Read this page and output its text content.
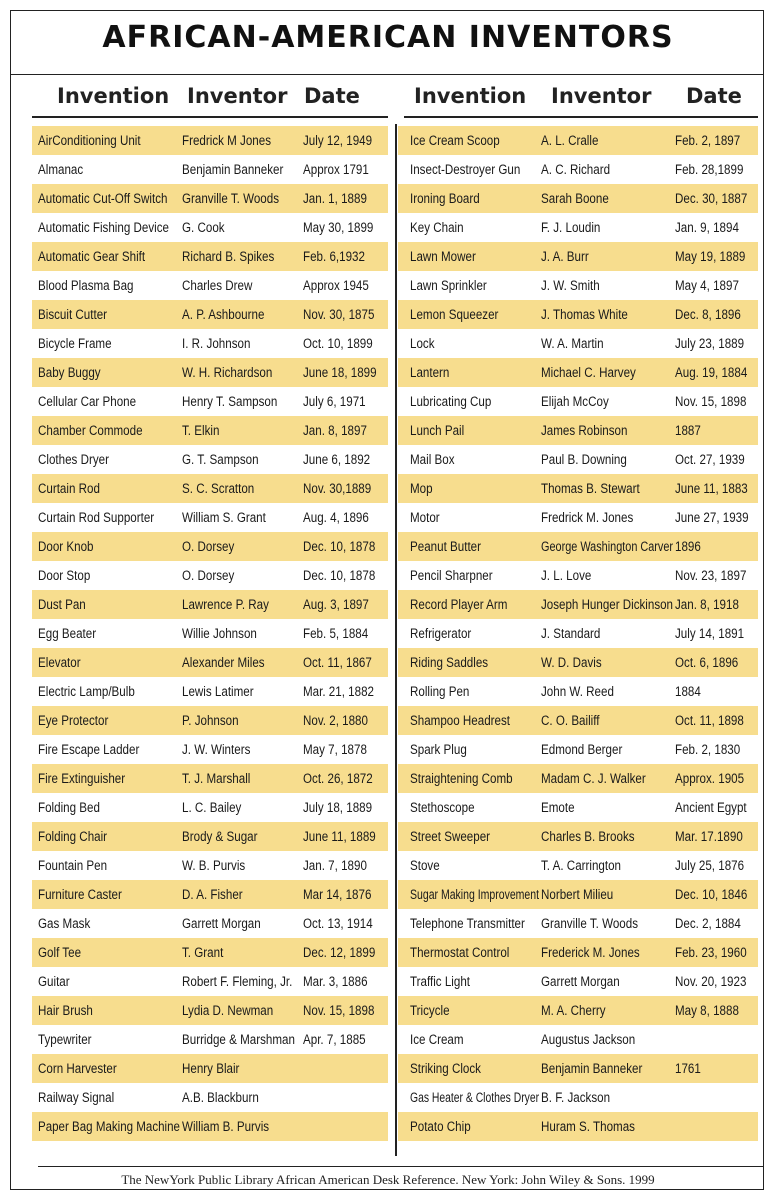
AFRICAN-AMERICAN INVENTORS
Invention Inventor Date	Invention Inventor Date
AirConditioning Unit	Fredrick M Jones	July 12, 1949
Almanac	Benjamin Banneker	Approx 1791
Automatic Cut-Off Switch	Granville T. Woods	Jan. 1, 1889
Automatic Fishing Device G. Cook	May 30, 1899
Automatic Gear Shift	Richard B. Spikes	Feb. 6,1932
Blood Plasma Bag	Charles Drew	Approx 1945
Biscuit Cutter	A. P. Ashbourne	Nov. 30, 1875
Bicycle Frame	I. R. Johnson	Oct. 10, 1899
Baby Buggy	W. H. Richardson	June 18, 1899
Cellular Car Phone	Henry T. Sampson	July 6, 1971
Chamber Commode	T. Elkin	Jan. 8, 1897
Clothes Dryer	G. T. Sampson	June 6, 1892
Curtain Rod	S. C. Scratton	Nov. 30,1889
Curtain Rod Supporter	William S. Grant	Aug. 4, 1896
Door Knob	O. Dorsey	Dec. 10, 1878
Door Stop	O. Dorsey	Dec. 10, 1878
Dust Pan	Lawrence P. Ray	Aug. 3, 1897
Egg Beater	Willie Johnson	Feb. 5, 1884
Elevator	Alexander Miles	Oct. 11, 1867
Electric Lamp/Bulb	Lewis Latimer	Mar. 21, 1882
Eye Protector	P. Johnson	Nov. 2, 1880
Fire Escape Ladder	J. W. Winters	May 7, 1878
Fire Extinguisher	T. J. Marshall	Oct. 26, 1872
Folding Bed	L. C. Bailey	July 18, 1889
Folding Chair	Brody & Sugar	June 11, 1889
Fountain Pen	W. B. Purvis	Jan. 7, 1890
Furniture Caster	D. A. Fisher	Mar 14, 1876
Gas Mask	Garrett Morgan	Oct. 13, 1914
Golf Tee	T. Grant	Dec. 12, 1899
Guitar	Robert F. Fleming, Jr. Mar. 3, 1886
Hair Brush	Lydia D. Newman	Nov. 15, 1898
Typewriter	Burridge & Marshman Apr. 7, 1885
Corn Harvester	Henry Blair
Railway Signal	A.B. Blackburn
Paper Bag Making Machine William B. Purvis
Ice Cream Scoop	A. L. Cralle	Feb. 2, 1897
Insect-Destroyer Gun	A. C. Richard	Feb. 28,1899
Ironing Board	Sarah Boone	Dec. 30, 1887
Key Chain	F. J. Loudin	Jan. 9, 1894
Lawn Mower	J. A. Burr	May 19, 1889
Lawn Sprinkler	J. W. Smith	May 4, 1897
Lemon Squeezer	J. Thomas White	Dec. 8, 1896
Lock	W. A. Martin	July 23, 1889
Lantern	Michael C. Harvey	Aug. 19, 1884
Lubricating Cup	Elijah McCoy	Nov. 15, 1898
Lunch Pail	James Robinson	1887
Mail Box	Paul B. Downing	Oct. 27, 1939
Mop	Thomas B. Stewart	June 11, 1883
Motor	Fredrick M. Jones	June 27, 1939
Peanut Butter	George Washington Carver 1896
Pencil Sharpner	J. L. Love	Nov. 23, 1897
Record Player Arm	Joseph Hunger Dickinson Jan. 8, 1918
Refrigerator	J. Standard	July 14, 1891
Riding Saddles	W. D. Davis	Oct. 6, 1896
Rolling Pen	John W. Reed	1884
Shampoo Headrest	C. O. Bailiff	Oct. 11, 1898
Spark Plug	Edmond Berger	Feb. 2, 1830
Straightening Comb	Madam C. J. Walker	Approx. 1905
Stethoscope	Emote	Ancient Egypt
Street Sweeper	Charles B. Brooks	Mar. 17.1890
Stove	T. A. Carrington	July 25, 1876
Sugar Making Improvement Norbert Milieu	Dec. 10, 1846
Telephone Transmitter	Granville T. Woods	Dec. 2, 1884
Thermostat Control	Frederick M. Jones	Feb. 23, 1960
Traffic Light	Garrett Morgan	Nov. 20, 1923
Tricycle	M. A. Cherry	May 8, 1888
Ice Cream	Augustus Jackson
Striking Clock	Benjamin Banneker	1761
Gas Heater & Clothes Dryer B. F. Jackson
Potato Chip	Huram S. Thomas
The NewYork Public Library African American Desk Reference. New York: John Wiley & Sons. 1999
